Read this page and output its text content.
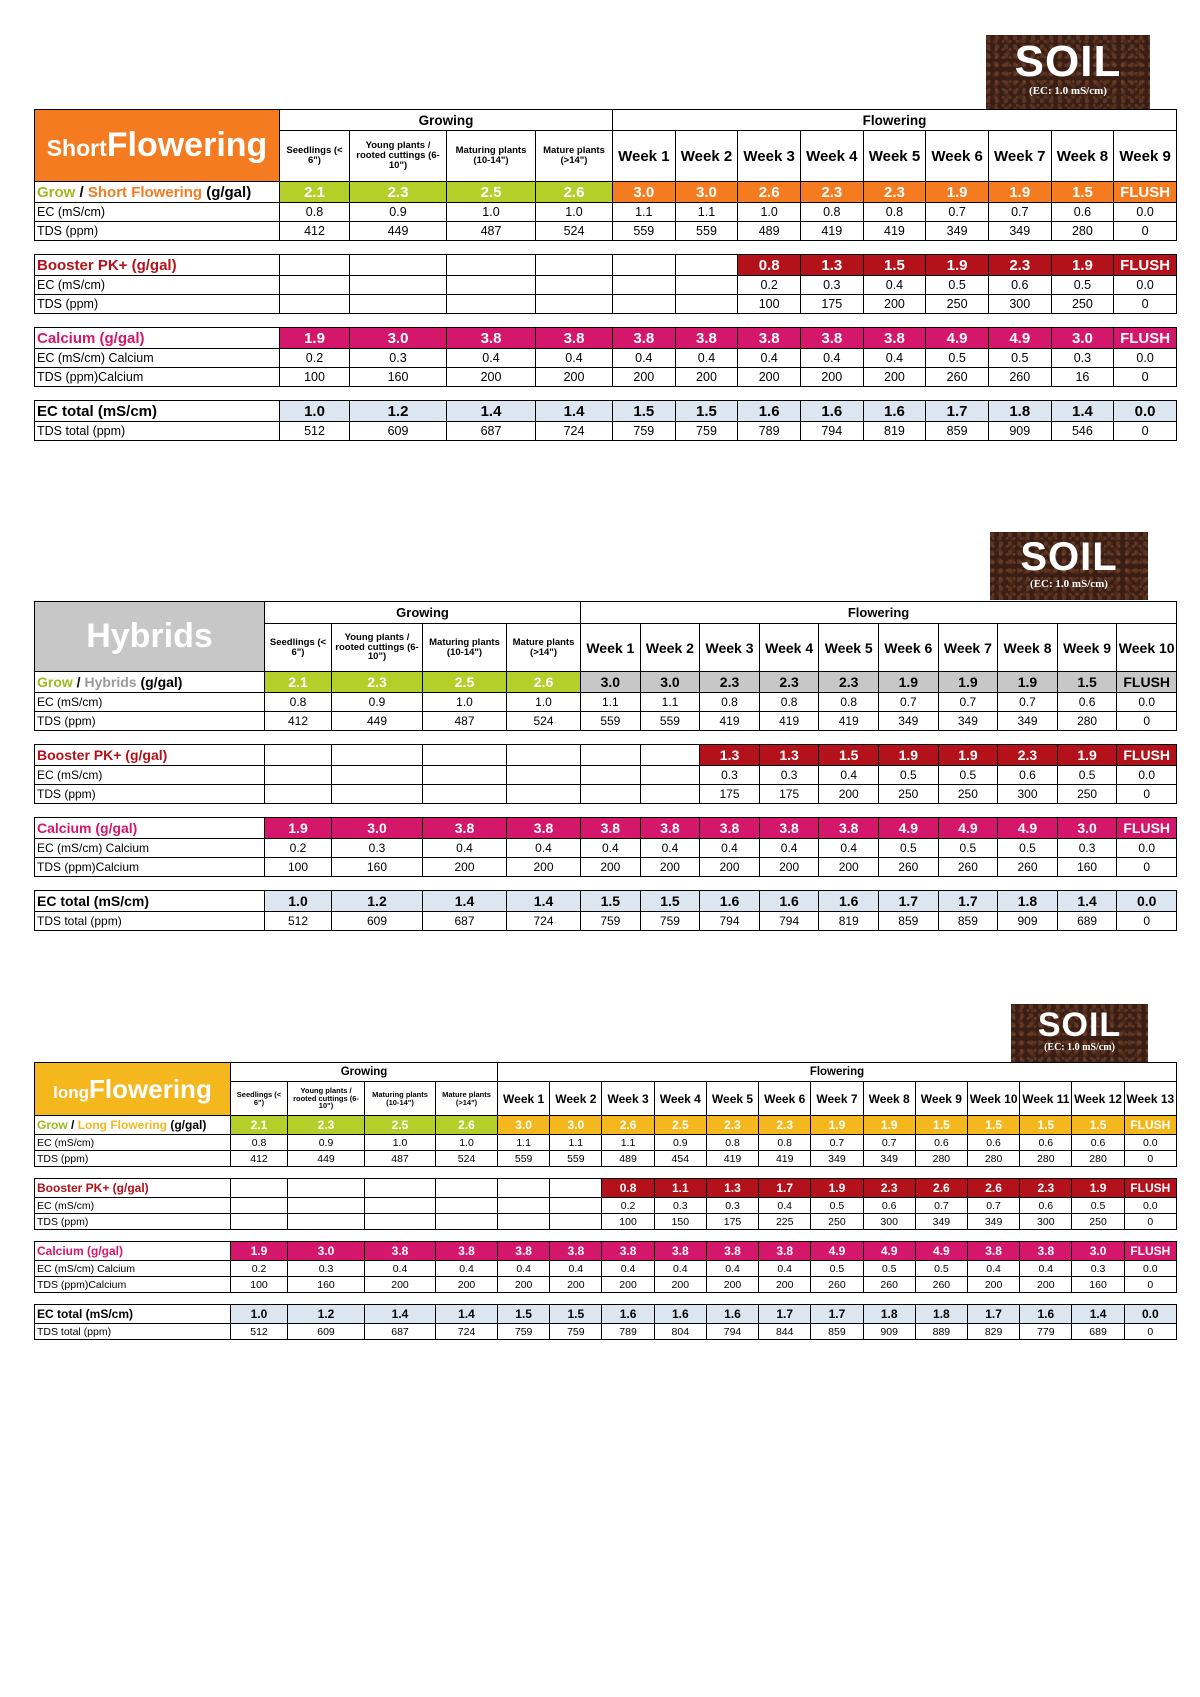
SOIL
(EC: 1.0 mS/cm)
SOIL
(EC: 1.0 mS/cm)
SOIL
(EC: 1.0 mS/cm)
ShortFlowering	Growing				Flowering								
	Seedlings (< 6")	Young plants / rooted cuttings (6-10")	Maturing plants (10-14")	Mature plants (>14")	Week 1	Week 2	Week 3	Week 4	Week 5	Week 6	Week 7	Week 8	Week 9
Grow / Short Flowering (g/gal)	2.1	2.3	2.5	2.6	3.0	3.0	2.6	2.3	2.3	1.9	1.9	1.5	FLUSH
EC (mS/cm)	0.8	0.9	1.0	1.0	1.1	1.1	1.0	0.8	0.8	0.7	0.7	0.6	0.0
TDS (ppm)	412	449	487	524	559	559	489	419	419	349	349	280	0

Booster PK+ (g/gal)							0.8	1.3	1.5	1.9	2.3	1.9	FLUSH
EC (mS/cm)							0.2	0.3	0.4	0.5	0.6	0.5	0.0
TDS (ppm)							100	175	200	250	300	250	0

Calcium (g/gal)	1.9	3.0	3.8	3.8	3.8	3.8	3.8	3.8	3.8	4.9	4.9	3.0	FLUSH
EC (mS/cm) Calcium	0.2	0.3	0.4	0.4	0.4	0.4	0.4	0.4	0.4	0.5	0.5	0.3	0.0
TDS (ppm)Calcium	100	160	200	200	200	200	200	200	200	260	260	16	0

EC total (mS/cm)	1.0	1.2	1.4	1.4	1.5	1.5	1.6	1.6	1.6	1.7	1.8	1.4	0.0
TDS total (ppm)	512	609	687	724	759	759	789	794	819	859	909	546	0
Hybrids	Growing				Flowering									
	Seedlings (< 6")	Young plants / rooted cuttings (6-10")	Maturing plants (10-14")	Mature plants (>14")	Week 1	Week 2	Week 3	Week 4	Week 5	Week 6	Week 7	Week 8	Week 9	Week 10
Grow / Hybrids (g/gal)	2.1	2.3	2.5	2.6	3.0	3.0	2.3	2.3	2.3	1.9	1.9	1.9	1.5	FLUSH
EC (mS/cm)	0.8	0.9	1.0	1.0	1.1	1.1	0.8	0.8	0.8	0.7	0.7	0.7	0.6	0.0
TDS (ppm)	412	449	487	524	559	559	419	419	419	349	349	349	280	0

Booster PK+ (g/gal)							1.3	1.3	1.5	1.9	1.9	2.3	1.9	FLUSH
EC (mS/cm)							0.3	0.3	0.4	0.5	0.5	0.6	0.5	0.0
TDS (ppm)							175	175	200	250	250	300	250	0

Calcium (g/gal)	1.9	3.0	3.8	3.8	3.8	3.8	3.8	3.8	3.8	4.9	4.9	4.9	3.0	FLUSH
EC (mS/cm) Calcium	0.2	0.3	0.4	0.4	0.4	0.4	0.4	0.4	0.4	0.5	0.5	0.5	0.3	0.0
TDS (ppm)Calcium	100	160	200	200	200	200	200	200	200	260	260	260	160	0

EC total (mS/cm)	1.0	1.2	1.4	1.4	1.5	1.5	1.6	1.6	1.6	1.7	1.7	1.8	1.4	0.0
TDS total (ppm)	512	609	687	724	759	759	794	794	819	859	859	909	689	0
longFlowering	Growing				Flowering												
	Seedlings (< 6")	Young plants / rooted cuttings (6-10")	Maturing plants (10-14")	Mature plants (>14")	Week 1	Week 2	Week 3	Week 4	Week 5	Week 6	Week 7	Week 8	Week 9	Week 10	Week 11	Week 12	Week 13
Grow / Long Flowering (g/gal)	2.1	2.3	2.5	2.6	3.0	3.0	2.6	2.5	2.3	2.3	1.9	1.9	1.5	1.5	1.5	1.5	FLUSH
EC (mS/cm)	0.8	0.9	1.0	1.0	1.1	1.1	1.1	0.9	0.8	0.8	0.7	0.7	0.6	0.6	0.6	0.6	0.0
TDS (ppm)	412	449	487	524	559	559	489	454	419	419	349	349	280	280	280	280	0

Booster PK+ (g/gal)							0.8	1.1	1.3	1.7	1.9	2.3	2.6	2.6	2.3	1.9	FLUSH
EC (mS/cm)							0.2	0.3	0.3	0.4	0.5	0.6	0.7	0.7	0.6	0.5	0.0
TDS (ppm)							100	150	175	225	250	300	349	349	300	250	0

Calcium (g/gal)	1.9	3.0	3.8	3.8	3.8	3.8	3.8	3.8	3.8	3.8	4.9	4.9	4.9	3.8	3.8	3.0	FLUSH
EC (mS/cm) Calcium	0.2	0.3	0.4	0.4	0.4	0.4	0.4	0.4	0.4	0.4	0.5	0.5	0.5	0.4	0.4	0.3	0.0
TDS (ppm)Calcium	100	160	200	200	200	200	200	200	200	200	260	260	260	200	200	160	0

EC total (mS/cm)	1.0	1.2	1.4	1.4	1.5	1.5	1.6	1.6	1.6	1.7	1.7	1.8	1.8	1.7	1.6	1.4	0.0
TDS total (ppm)	512	609	687	724	759	759	789	804	794	844	859	909	889	829	779	689	0
